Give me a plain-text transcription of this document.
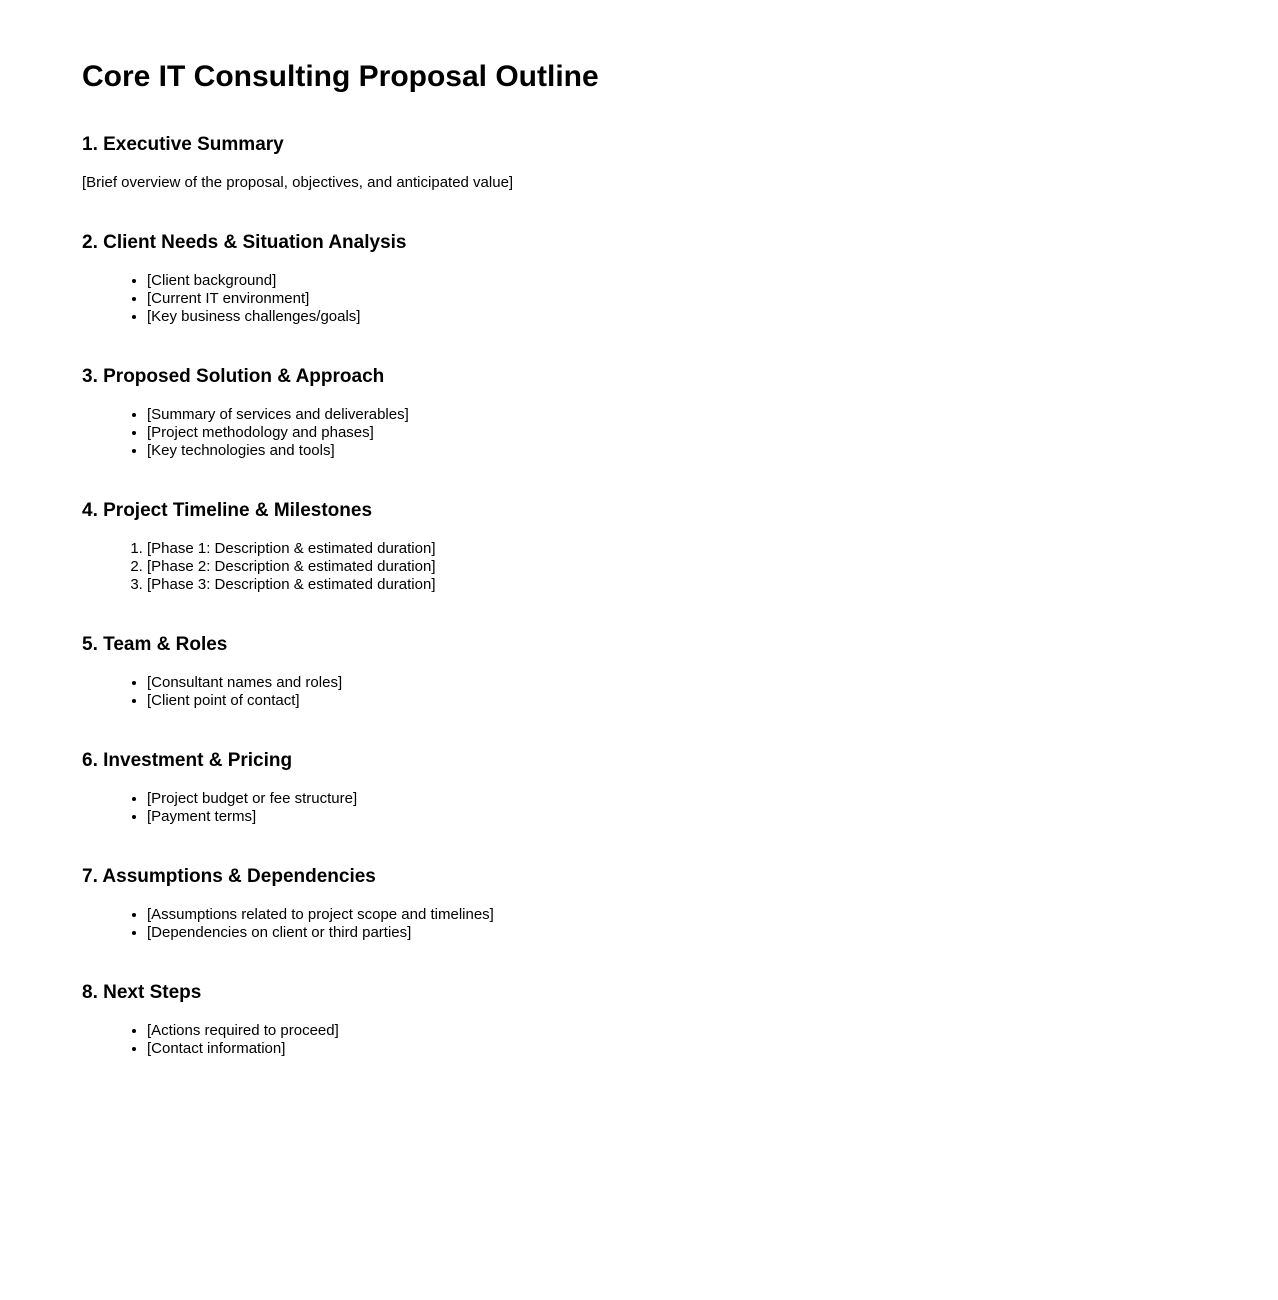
Core IT Consulting Proposal Outline
1. Executive Summary

[Brief overview of the proposal, objectives, and anticipated value]

2. Client Needs & Situation Analysis
• [Client background]
• [Current IT environment]
• [Key business challenges/goals]
3. Proposed Solution & Approach
• [Summary of services and deliverables]
• [Project methodology and phases]
• [Key technologies and tools]
4. Project Timeline & Milestones
1. [Phase 1: Description & estimated duration]
2. [Phase 2: Description & estimated duration]
3. [Phase 3: Description & estimated duration]
5. Team & Roles
• [Consultant names and roles]
• [Client point of contact]
6. Investment & Pricing
• [Project budget or fee structure]
• [Payment terms]
7. Assumptions & Dependencies
• [Assumptions related to project scope and timelines]
• [Dependencies on client or third parties]
8. Next Steps
• [Actions required to proceed]
• [Contact information]
